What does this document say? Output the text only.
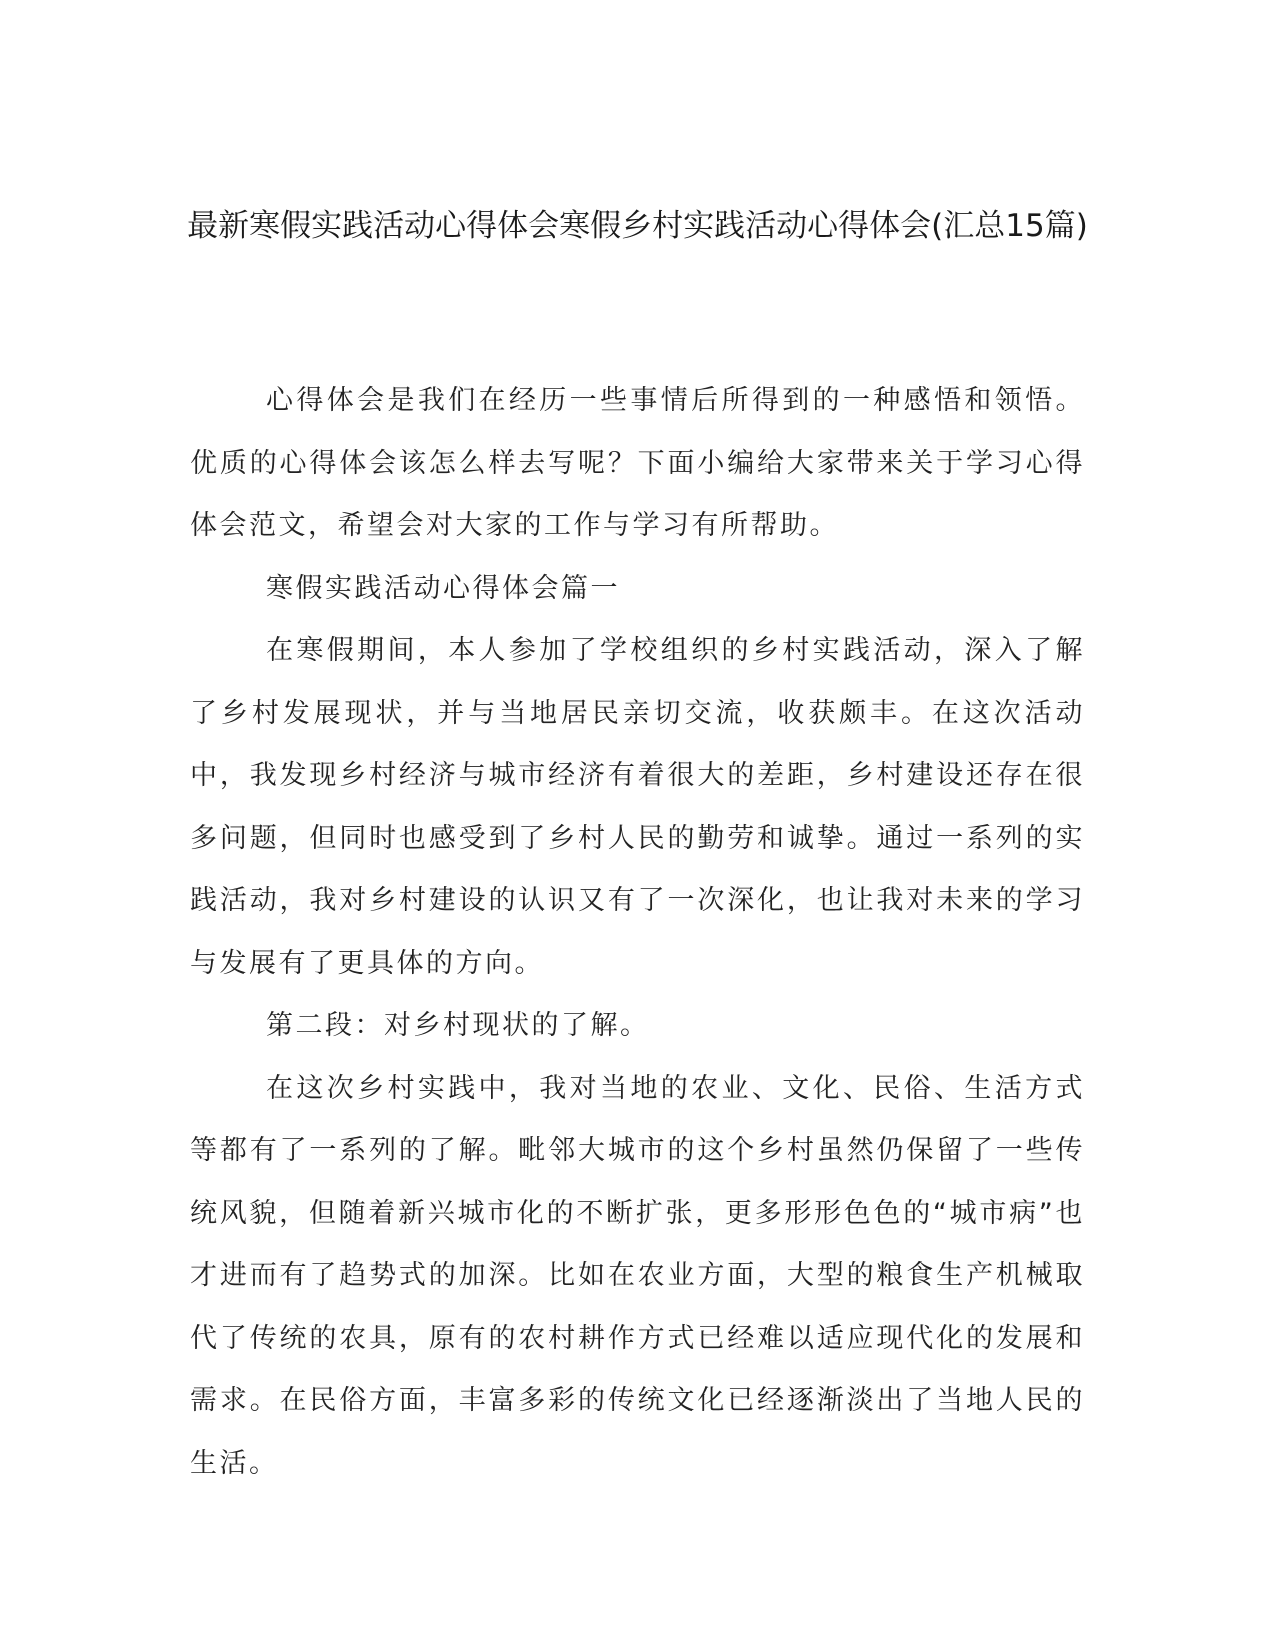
最新寒假实践活动心得体会寒假乡村实践活动心得体会(汇总15篇)

心得体会是我们在经历一些事情后所得到的一种感悟和领悟。优质的心得体会该怎么样去写呢？下面小编给大家带来关于学习心得体会范文，希望会对大家的工作与学习有所帮助。

寒假实践活动心得体会篇一

在寒假期间，本人参加了学校组织的乡村实践活动，深入了解了乡村发展现状，并与当地居民亲切交流，收获颇丰。在这次活动中，我发现乡村经济与城市经济有着很大的差距，乡村建设还存在很多问题，但同时也感受到了乡村人民的勤劳和诚挚。通过一系列的实践活动，我对乡村建设的认识又有了一次深化，也让我对未来的学习与发展有了更具体的方向。

第二段：对乡村现状的了解。

在这次乡村实践中，我对当地的农业、文化、民俗、生活方式等都有了一系列的了解。毗邻大城市的这个乡村虽然仍保留了一些传统风貌，但随着新兴城市化的不断扩张，更多形形色色的“城市病”也才进而有了趋势式的加深。比如在农业方面，大型的粮食生产机械取代了传统的农具，原有的农村耕作方式已经难以适应现代化的发展和需求。在民俗方面，丰富多彩的传统文化已经逐渐淡出了当地人民的生活。
